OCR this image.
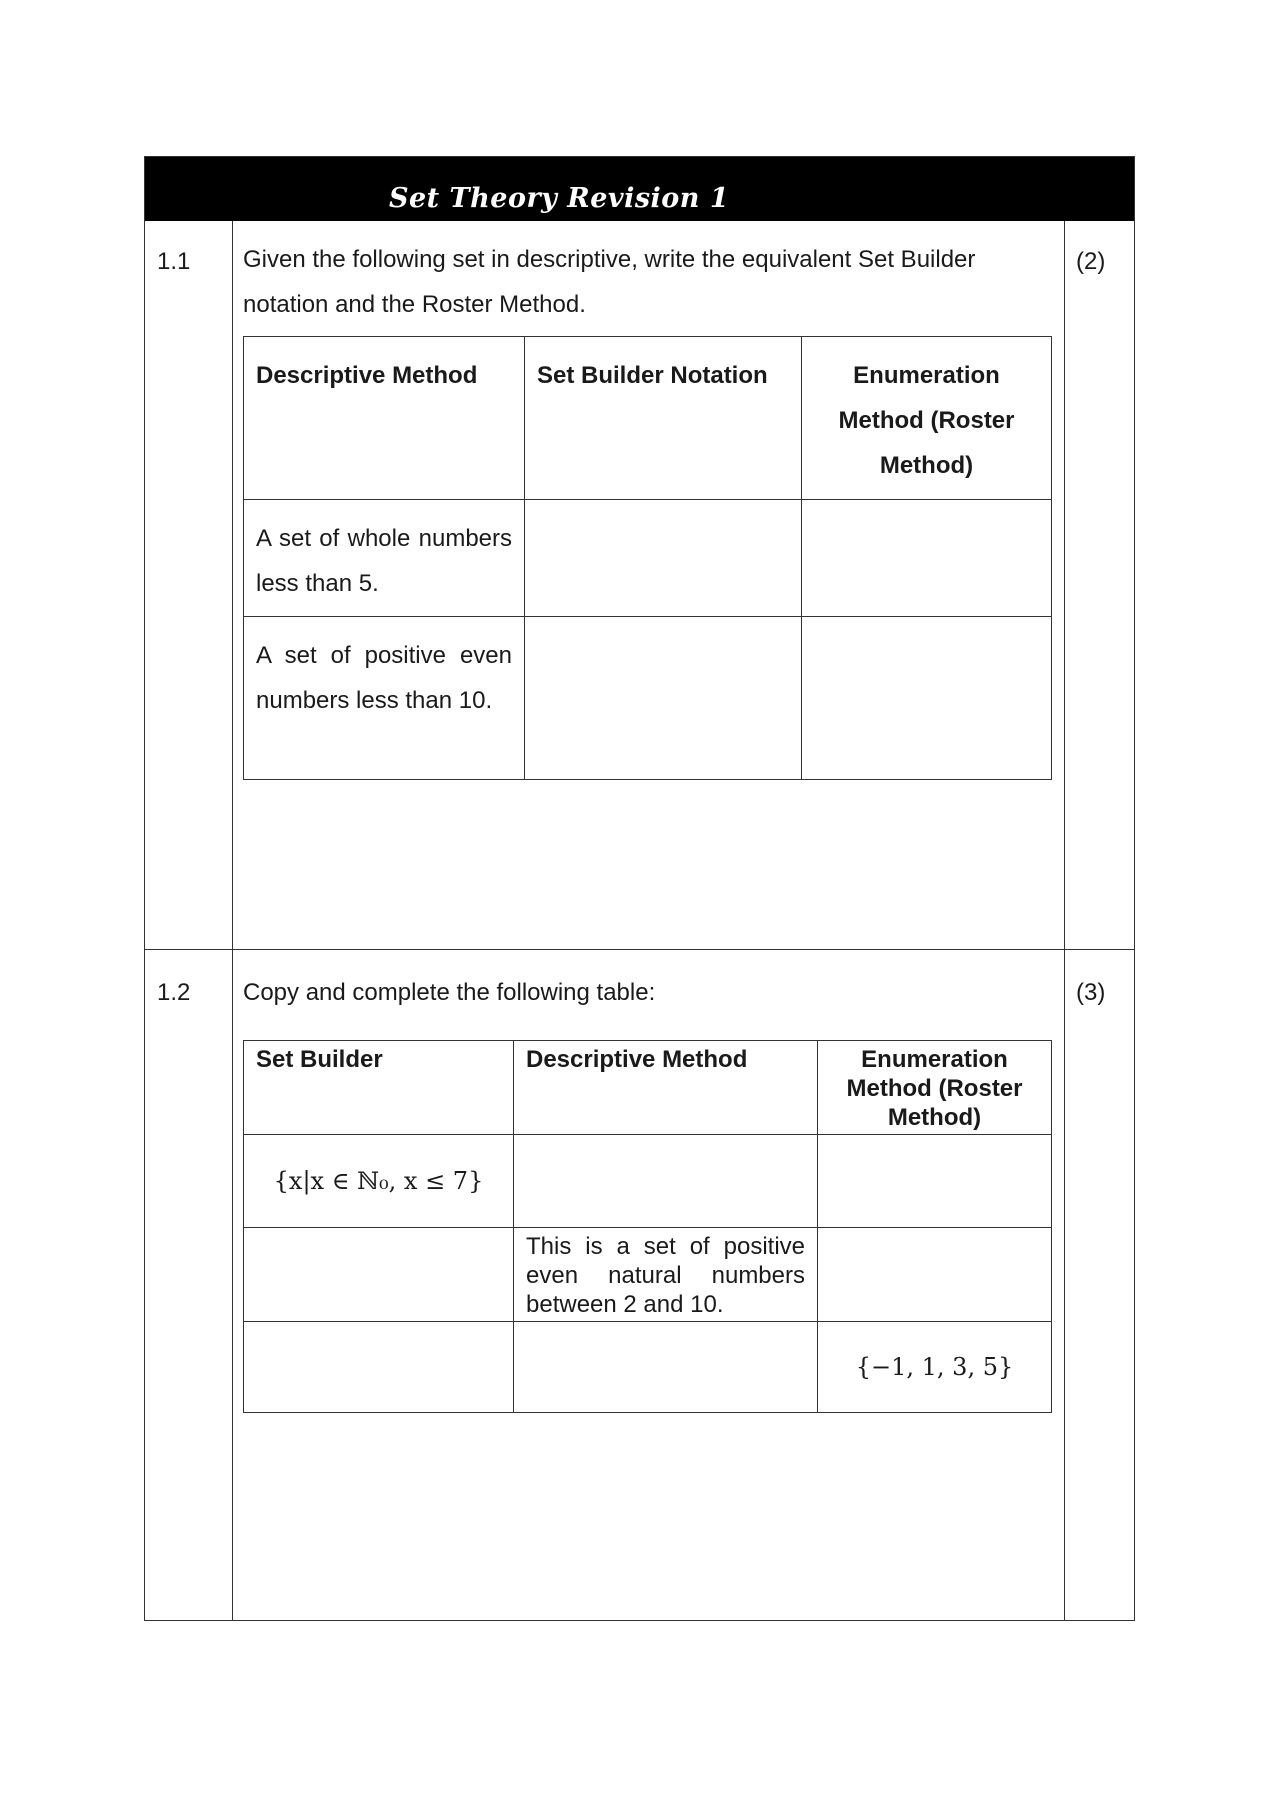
Set Theory Revision 1
1.1 Given the following set in descriptive, write the equivalent Set Builder notation and the Roster Method.
(2)
Descriptive Method	Set Builder Notation	Enumeration Method (Roster Method)
A set of whole numbers less than 5.		
A set of positive even numbers less than 10.		
1.2 Copy and complete the following table:	(3)
Set Builder	Descriptive Method	Enumeration Method (Roster Method)
{x|x ∈ ℕ₀, x ≤ 7}		
	This is a set of positive even natural numbers between 2 and 10.	
		{−1, 1, 3, 5}
